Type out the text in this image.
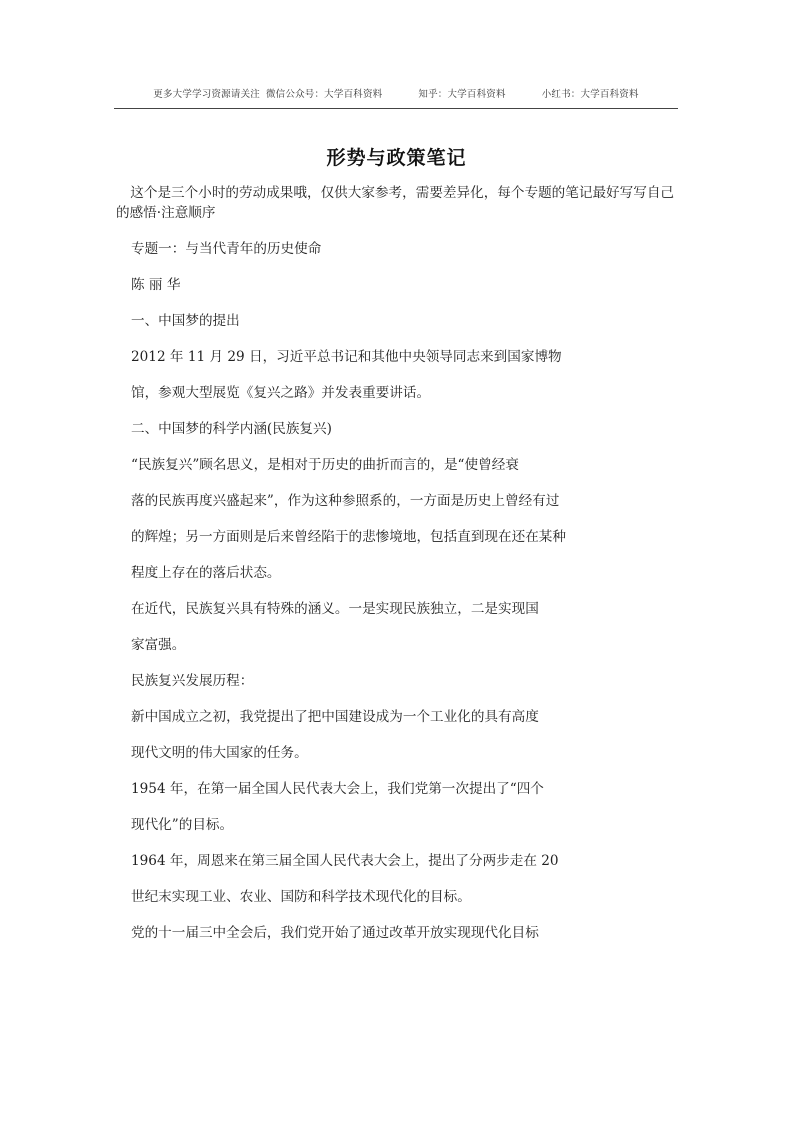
更多大学学习资源请关注 微信公众号：大学百科资料	知乎：大学百科资料	小红书：大学百科资料
形势与政策笔记
这个是三个小时的劳动成果哦，仅供大家参考，需要差异化，每个专题的笔记最好写写自己的感悟·注意顺序
专题一：与当代青年的历史使命
陈 丽 华
一、中国梦的提出
2012 年 11 月 29 日，习近平总书记和其他中央领导同志来到国家博物
馆，参观大型展览《复兴之路》并发表重要讲话。
二、中国梦的科学内涵(民族复兴)
“民族复兴”顾名思义，是相对于历史的曲折而言的，是“使曾经衰
落的民族再度兴盛起来”，作为这种参照系的，一方面是历史上曾经有过
的辉煌；另一方面则是后来曾经陷于的悲惨境地，包括直到现在还在某种
程度上存在的落后状态。
在近代，民族复兴具有特殊的涵义。一是实现民族独立，二是实现国
家富强。
民族复兴发展历程：
新中国成立之初，我党提出了把中国建设成为一个工业化的具有高度
现代文明的伟大国家的任务。
1954 年，在第一届全国人民代表大会上，我们党第一次提出了“四个
现代化”的目标。
1964 年，周恩来在第三届全国人民代表大会上，提出了分两步走在 20
世纪末实现工业、农业、国防和科学技术现代化的目标。
党的十一届三中全会后，我们党开始了通过改革开放实现现代化目标
